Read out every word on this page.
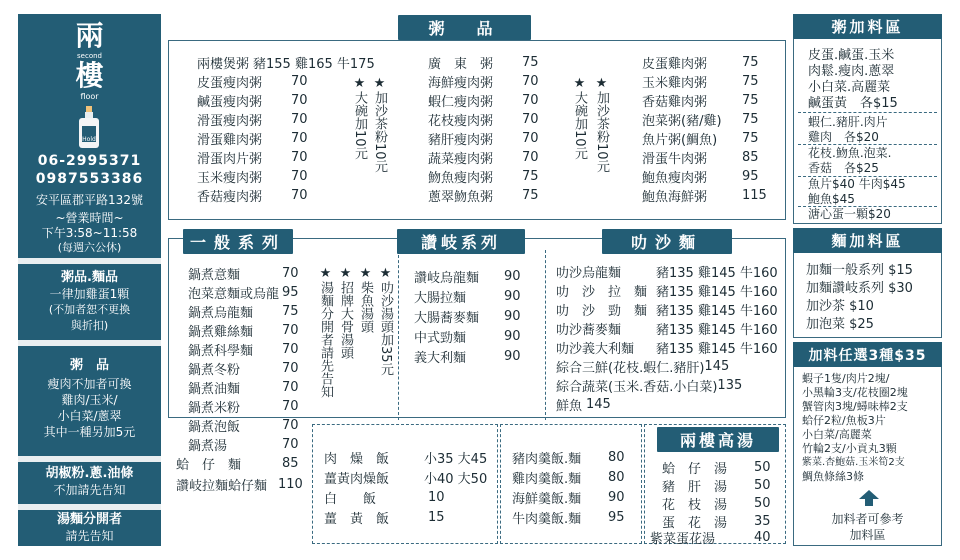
兩
second
樓
floor
Hold
06-2995371
0987553386
安平區郡平路132號
~營業時間~
下午3:58~11:58
(每週六公休)
粥品.麵品
一律加雞蛋1顆
(不加者恕不更換
與折扣)
粥　品
瘦肉不加者可換
雞肉/玉米/
小白菜/蔥翠
其中一種另加5元
胡椒粉.蔥.油條
不加請先告知
湯麵分開者
請先告知
粥　品
兩樓煲粥 豬155 雞165 牛175
皮蛋瘦肉粥	70
鹹蛋瘦肉粥	70
滑蛋瘦肉粥	70
滑蛋雞肉粥	70
滑蛋肉片粥	70
玉米瘦肉粥	70
香菇瘦肉粥	70
★大碗加10元 ★加沙茶粉10元
廣　東　粥	75
海鮮瘦肉粥	70
蝦仁瘦肉粥	70
花枝瘦肉粥	70
豬肝瘦肉粥	70
蔬菜瘦肉粥	70
魩魚瘦肉粥	75
蔥翠魩魚粥	75
★大碗加10元 ★加沙茶粉10元
皮蛋雞肉粥	75
玉米雞肉粥	75
香菇雞肉粥	75
泡菜粥(豬/雞)	75
魚片粥(鯛魚)	75
滑蛋牛肉粥	85
鮑魚瘦肉粥	95
鮑魚海鮮粥	115
粥加料區
皮蛋.鹹蛋.玉米
肉鬆.瘦肉.蔥翠
小白菜.高麗菜
鹹蛋黃　各$15
蝦仁.豬肝.肉片
雞肉　各$20
花枝.魩魚.泡菜.
香菇　各$25
魚片$40 牛肉$45
鮑魚$45
溏心蛋一顆$20
一般系列
鍋煮意麵	70
泡菜意麵或烏龍 95
鍋煮烏龍麵	75
鍋煮雞絲麵	70
鍋煮科學麵	70
鍋煮冬粉	70
鍋煮油麵	70
鍋煮米粉	70
鍋煮泡飯	70
鍋煮湯	70
蛤　仔　麵	85
讚岐拉麵蛤仔麵 110
★湯麵分開者請先告知 ★招牌大骨湯頭 ★柴魚湯頭 ★叻沙湯頭加35元
讚岐系列
讚岐烏龍麵	90
大腸拉麵	90
大腸蕎麥麵	90
中式勁麵	90
義大利麵	90
叻沙麵
叻沙烏龍麵	豬135 雞145 牛160
叻　沙　拉　麵 豬135 雞145 牛160
叻　沙　勁　麵 豬135 雞145 牛160
叻沙蕎麥麵	豬135 雞145 牛160
叻沙義大利麵	豬135 雞145 牛160
綜合三鮮(花枝.蝦仁.豬肝) 145
綜合蔬菜(玉米.香菇.小白菜) 135
鮮魚 145
麵加料區
加麵一般系列 $15
加麵讚岐系列 $30
加沙茶 $10
加泡菜 $25
加料任選3種$35
蝦子1隻/肉片2塊/
小黑輪3支/花枝圈2塊
蟹管肉3塊/蟳味棒2支
蛤仔2粒/魚板3片
小白菜/高麗菜
竹輪2支/小貢丸3顆
紫菜.杏鮑菇.玉米筍2支
鯛魚條絲3條
加料者可參考
加料區
肉　燥　飯	小35 大45
薑黃肉燥飯	小40 大50
白　　飯	10
薑　黃　飯	15
豬肉羹飯.麵	80
雞肉羹飯.麵	80
海鮮羹飯.麵	90
牛肉羹飯.麵	95
兩樓高湯
蛤　仔　湯	50
豬　肝　湯	50
花　枝　湯	50
蛋　花　湯	35
紫菜蛋花湯	40
